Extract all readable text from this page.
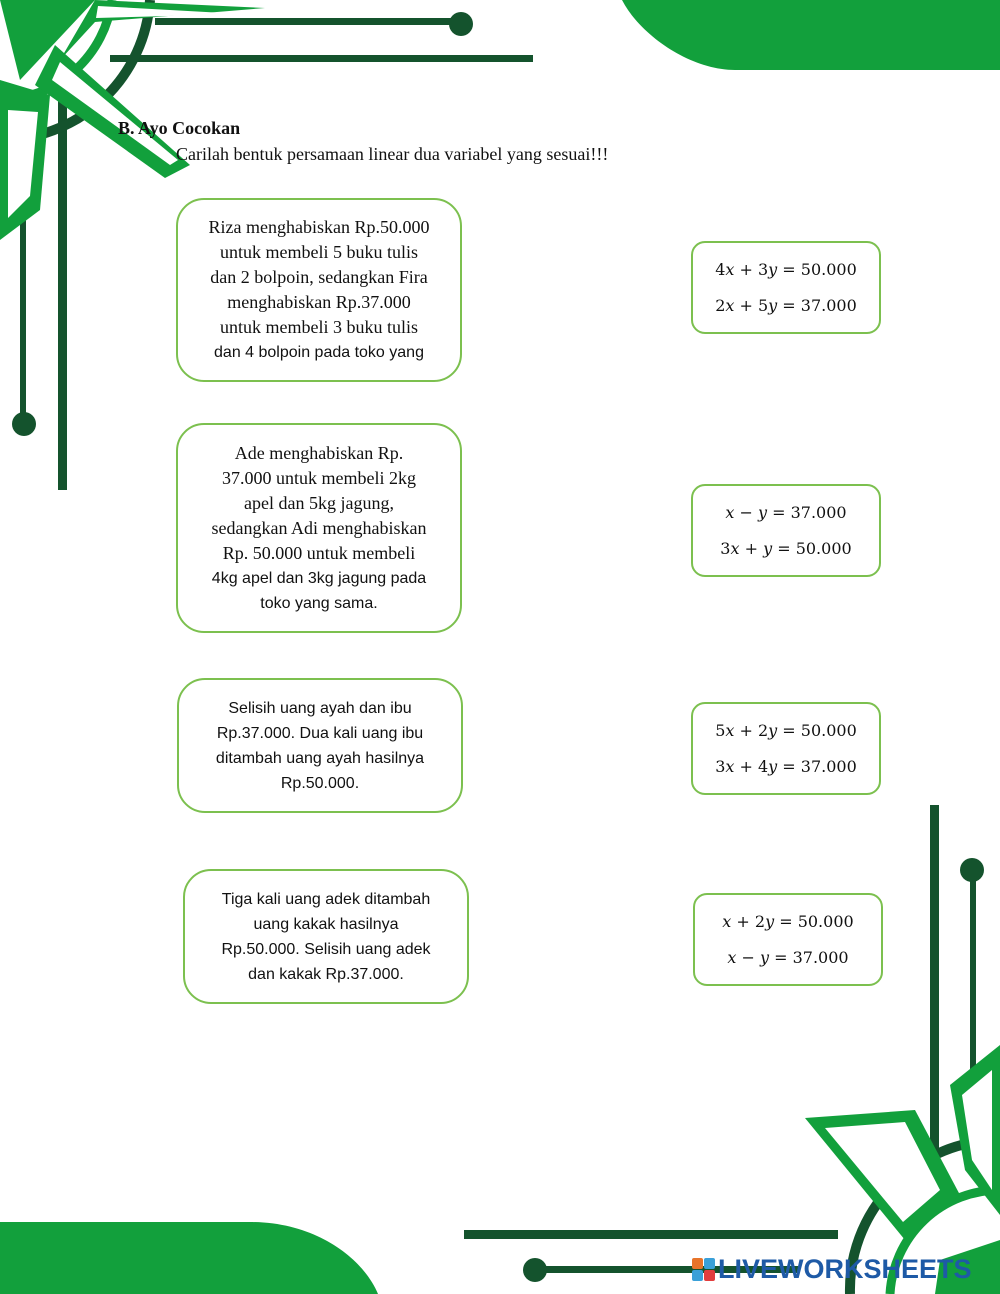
B. Ayo Cocokan
Carilah bentuk persamaan linear dua variabel yang sesuai!!!
Riza menghabiskan Rp.50.000
untuk membeli 5 buku tulis
dan 2 bolpoin, sedangkan Fira
menghabiskan Rp.37.000
untuk membeli 3 buku tulis
dan 4 bolpoin pada toko yang
Ade menghabiskan Rp.
37.000 untuk membeli 2kg
apel dan 5kg jagung,
sedangkan Adi menghabiskan
Rp. 50.000 untuk membeli
4kg apel dan 3kg jagung pada
toko yang sama.
Selisih uang ayah dan ibu
Rp.37.000. Dua kali uang ibu
ditambah uang ayah hasilnya
Rp.50.000.
Tiga kali uang adek ditambah
uang kakak hasilnya
Rp.50.000. Selisih uang adek
dan kakak Rp.37.000.
4𝑥 + 3𝑦 = 50.000
2𝑥 + 5𝑦 = 37.000
𝑥 − 𝑦 = 37.000
3𝑥 + 𝑦 = 50.000
5𝑥 + 2𝑦 = 50.000
3𝑥 + 4𝑦 = 37.000
𝑥 + 2𝑦 = 50.000
𝑥 − 𝑦 = 37.000
LIVEWORKSHEETS
